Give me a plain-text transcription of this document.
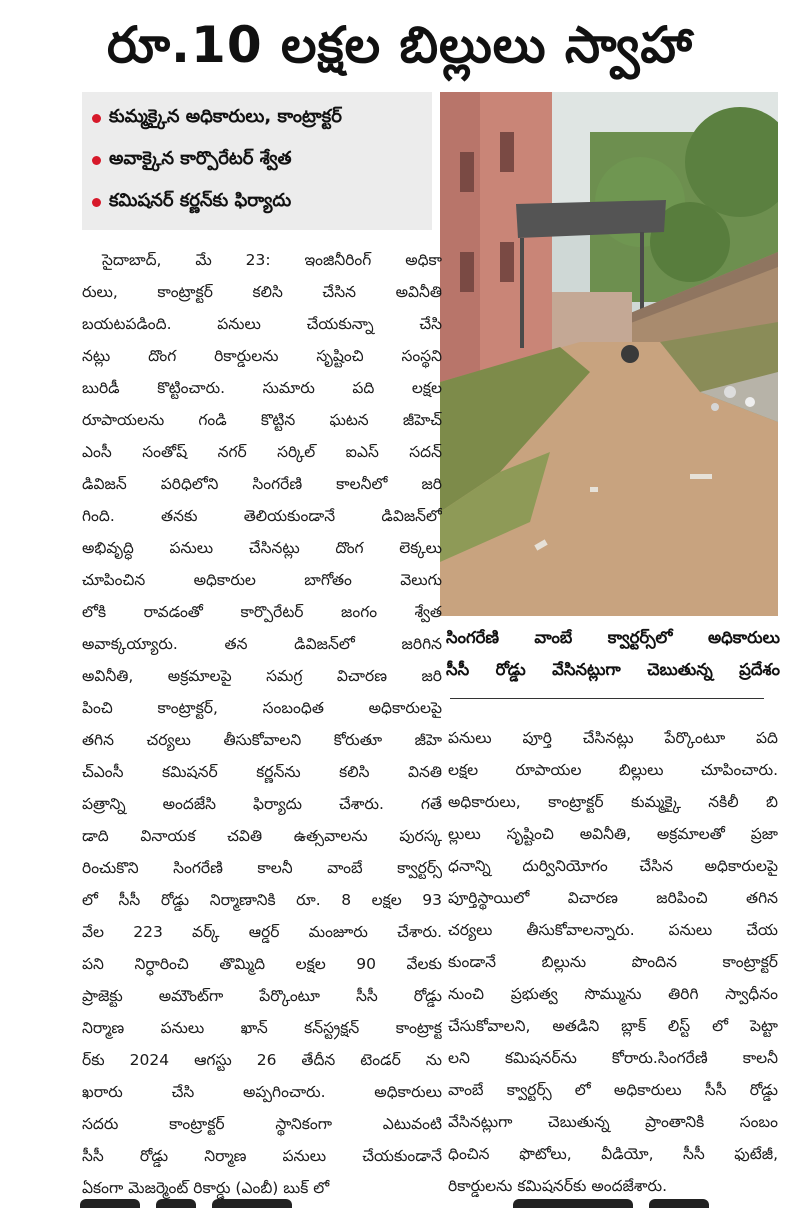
రూ.10 లక్షల బిల్లులు స్వాహా
కుమ్మక్కైన అధికారులు, కాంట్రాక్టర్
అవాక్కైన కార్పొరేటర్ శ్వేత
కమిషనర్ కర్ణన్‌కు ఫిర్యాదు
సైదాబాద్, మే 23: ఇంజినీరింగ్ అధికా
రులు, కాంట్రాక్టర్ కలిసి చేసిన అవినీతి
బయటపడింది. పనులు చేయకున్నా చేసి
నట్లు దొంగ రికార్డులను సృష్టించి సంస్థని
బురిడీ కొట్టించారు. సుమారు పది లక్షల
రూపాయలను గండి కొట్టిన ఘటన జీహెచ్
ఎంసీ సంతోష్ నగర్ సర్కిల్ ఐఎస్ సదన్
డివిజన్ పరిధిలోని సింగరేణి కాలనీలో జరి
గింది. తనకు తెలియకుండానే డివిజన్‌లో
అభివృద్ధి పనులు చేసినట్లు దొంగ లెక్కలు
చూపించిన అధికారుల బాగోతం వెలుగు
లోకి రావడంతో కార్పొరేటర్ జంగం శ్వేత
అవాక్కయ్యారు. తన డివిజన్‌లో జరిగిన
అవినీతి, అక్రమాలపై సమగ్ర విచారణ జరి
పించి కాంట్రాక్టర్, సంబంధిత అధికారులపై
తగిన చర్యలు తీసుకోవాలని కోరుతూ జీహె
చ్ఎంసీ కమిషనర్ కర్ణన్‌ను కలిసి వినతి
పత్రాన్ని అందజేసి ఫిర్యాదు చేశారు. గతే
డాది వినాయక చవితి ఉత్సవాలను పురస్క
రించుకొని సింగరేణి కాలనీ వాంబే క్వార్టర్స్
లో సీసీ రోడ్డు నిర్మాణానికి రూ. 8 లక్షల 93
వేల 223 వర్క్ ఆర్డర్ మంజూరు చేశారు.
పని నిర్ధారించి తొమ్మిది లక్షల 90 వేలకు
ప్రాజెక్టు అమౌంట్‌గా పేర్కొంటూ సీసీ రోడ్డు
నిర్మాణ పనులు ఖాన్ కన్‌స్ట్రక్షన్ కాంట్రాక్ట
ర్‌కు 2024 ఆగస్టు 26 తేదీన టెండర్ ను
ఖరారు చేసి అప్పగించారు. అధికారులు
సదరు కాంట్రాక్టర్ స్థానికంగా ఎటువంటి
సీసీ రోడ్డు నిర్మాణ పనులు చేయకుండానే
ఏకంగా మెజర్మెంట్ రికార్డు (ఎంబీ) బుక్ లో
సింగరేణి వాంబే క్వార్టర్స్‌లో అధికారులు
సీసీ రోడ్డు వేసినట్లుగా చెబుతున్న ప్రదేశం
పనులు పూర్తి చేసినట్లు పేర్కొంటూ పది
లక్షల రూపాయల బిల్లులు చూపించారు.
అధికారులు, కాంట్రాక్టర్ కుమ్మక్కై నకిలీ బి
ల్లులు సృష్టించి అవినీతి, అక్రమాలతో ప్రజా
ధనాన్ని దుర్వినియోగం చేసిన అధికారులపై
పూర్తిస్థాయిలో విచారణ జరిపించి తగిన
చర్యలు తీసుకోవాలన్నారు. పనులు చేయ
కుండానే బిల్లును పొందిన కాంట్రాక్టర్
నుంచి ప్రభుత్వ సొమ్మును తిరిగి స్వాధీనం
చేసుకోవాలని, అతడిని బ్లాక్ లిస్ట్ లో పెట్టా
లని కమిషనర్‌ను కోరారు.సింగరేణి కాలనీ
వాంబే క్వార్టర్స్ లో అధికారులు సీసీ రోడ్డు
వేసినట్లుగా చెబుతున్న ప్రాంతానికి సంబం
ధించిన ఫొటోలు, వీడియో, సీసీ ఫుటేజీ,
రికార్డులను కమిషనర్‌కు అందజేశారు.
